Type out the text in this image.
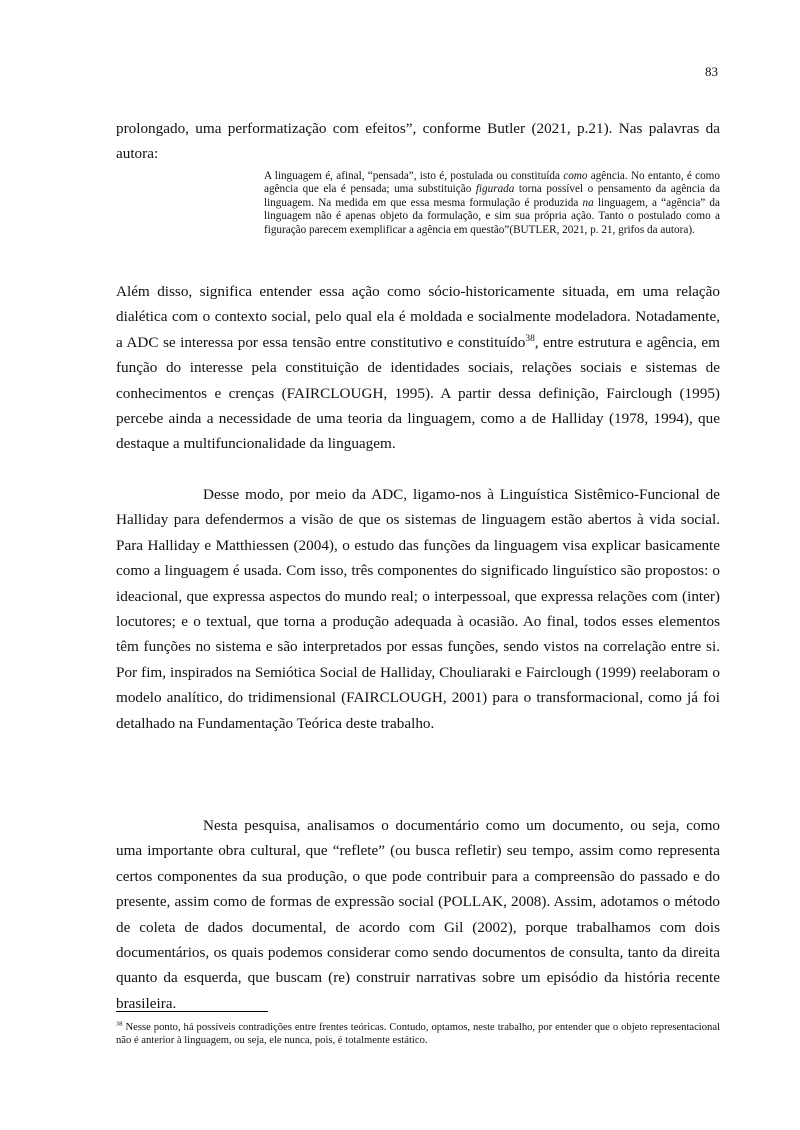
83

prolongado, uma performatização com efeitos”, conforme Butler (2021, p.21). Nas palavras da autora:

A linguagem é, afinal, “pensada”, isto é, postulada ou constituída como agência. No entanto, é como agência que ela é pensada; uma substituição figurada torna possível o pensamento da agência da linguagem. Na medida em que essa mesma formulação é produzida na linguagem, a “agência” da linguagem não é apenas objeto da formulação, e sim sua própria ação. Tanto o postulado como a figuração parecem exemplificar a agência em questão”(BUTLER, 2021, p. 21, grifos da autora).

Além disso, significa entender essa ação como sócio-historicamente situada, em uma relação dialética com o contexto social, pelo qual ela é moldada e socialmente modeladora. Notadamente, a ADC se interessa por essa tensão entre constitutivo e constituído$^{38}$, entre estrutura e agência, em função do interesse pela constituição de identidades sociais, relações sociais e sistemas de conhecimentos e crenças (FAIRCLOUGH, 1995). A partir dessa definição, Fairclough (1995) percebe ainda a necessidade de uma teoria da linguagem, como a de Halliday (1978, 1994), que destaque a multifuncionalidade da linguagem.

Desse modo, por meio da ADC, ligamo-nos à Linguística Sistêmico-Funcional de Halliday para defendermos a visão de que os sistemas de linguagem estão abertos à vida social. Para Halliday e Matthiessen (2004), o estudo das funções da linguagem visa explicar basicamente como a linguagem é usada. Com isso, três componentes do significado linguístico são propostos: o ideacional, que expressa aspectos do mundo real; o interpessoal, que expressa relações com (inter) locutores; e o textual, que torna a produção adequada à ocasião. Ao final, todos esses elementos têm funções no sistema e são interpretados por essas funções, sendo vistos na correlação entre si. Por fim, inspirados na Semiótica Social de Halliday, Chouliaraki e Fairclough (1999) reelaboram o modelo analítico, do tridimensional (FAIRCLOUGH, 2001) para o transformacional, como já foi detalhado na Fundamentação Teórica deste trabalho.

Nesta pesquisa, analisamos o documentário como um documento, ou seja, como uma importante obra cultural, que “reflete” (ou busca refletir) seu tempo, assim como representa certos componentes da sua produção, o que pode contribuir para a compreensão do passado e do presente, assim como de formas de expressão social (POLLAK, 2008). Assim, adotamos o método de coleta de dados documental, de acordo com Gil (2002), porque trabalhamos com dois documentários, os quais podemos considerar como sendo documentos de consulta, tanto da direita quanto da esquerda, que buscam (re) construir narrativas sobre um episódio da história recente brasileira.

$^{38}$ Nesse ponto, há possíveis contradições entre frentes teóricas. Contudo, optamos, neste trabalho, por entender que o objeto representacional não é anterior à linguagem, ou seja, ele nunca, pois, é totalmente estático.
